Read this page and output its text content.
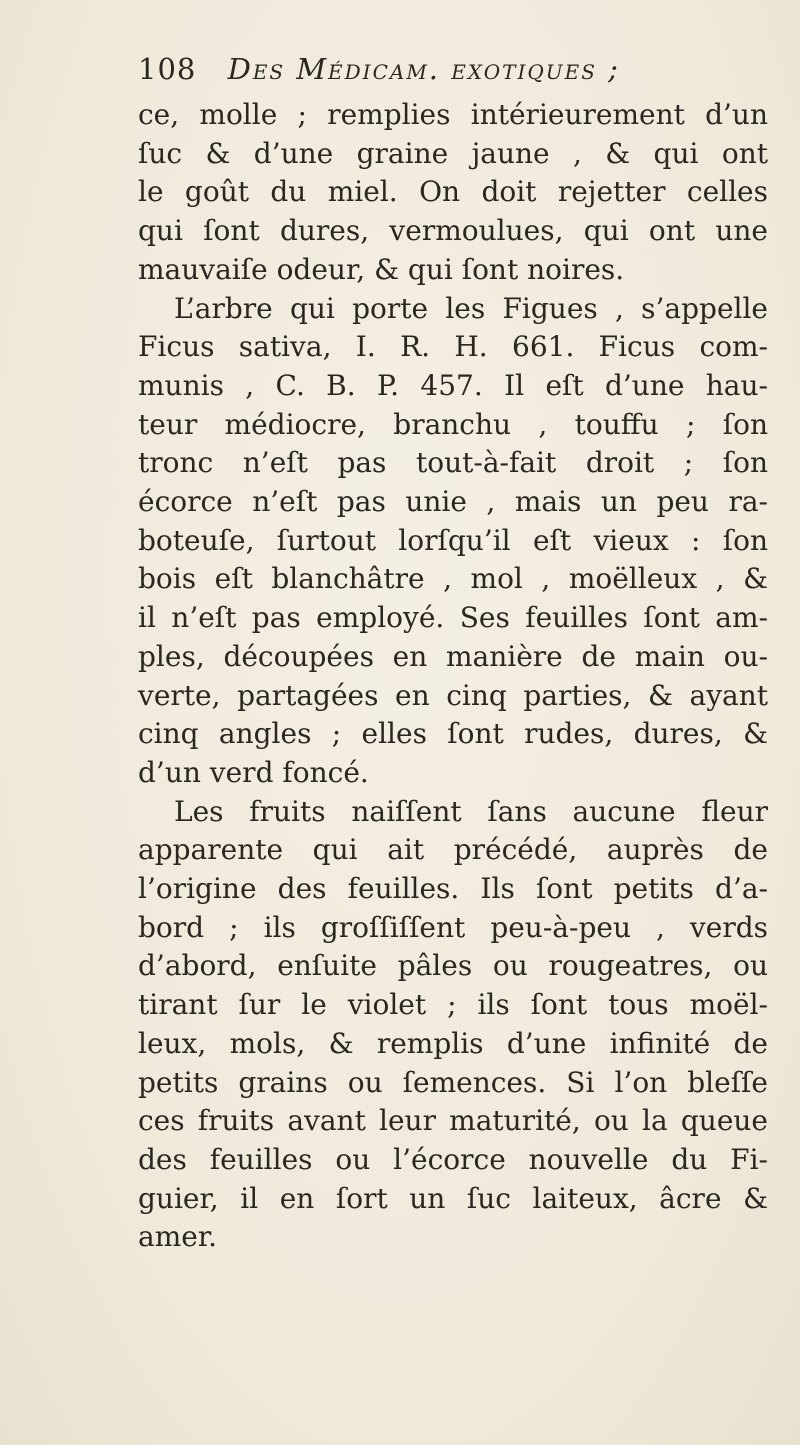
108 Des Médicam. exotiques ;
ce, molle ; remplies intérieurement d’un
ſuc & d’une graine jaune , & qui ont
le goût du miel. On doit rejetter celles
qui ſont dures, vermoulues, qui ont une
mauvaiſe odeur, & qui ſont noires.
L’arbre qui porte les Figues , s’appelle
Ficus sativa, I. R. H. 661. Ficus com-
munis , C. B. P. 457. Il eſt d’une hau-
teur médiocre, branchu , touffu ; ſon
tronc n’eſt pas tout-à-fait droit ; ſon
écorce n’eſt pas unie , mais un peu ra-
boteuſe, ſurtout lorſqu’il eſt vieux : ſon
bois eſt blanchâtre , mol , moëlleux , &
il n’eſt pas employé. Ses feuilles ſont am-
ples, découpées en manière de main ou-
verte, partagées en cinq parties, & ayant
cinq angles ; elles ſont rudes, dures, &
d’un verd foncé.
Les fruits naiſſent ſans aucune fleur
apparente qui ait précédé, auprès de
l’origine des feuilles. Ils ſont petits d’a-
bord ; ils groſſiſſent peu-à-peu , verds
d’abord, enſuite pâles ou rougeatres, ou
tirant ſur le violet ; ils ſont tous moël-
leux, mols, & remplis d’une infinité de
petits grains ou ſemences. Si l’on bleſſe
ces fruits avant leur maturité, ou la queue
des feuilles ou l’écorce nouvelle du Fi-
guier, il en ſort un ſuc laiteux, âcre &
amer.
